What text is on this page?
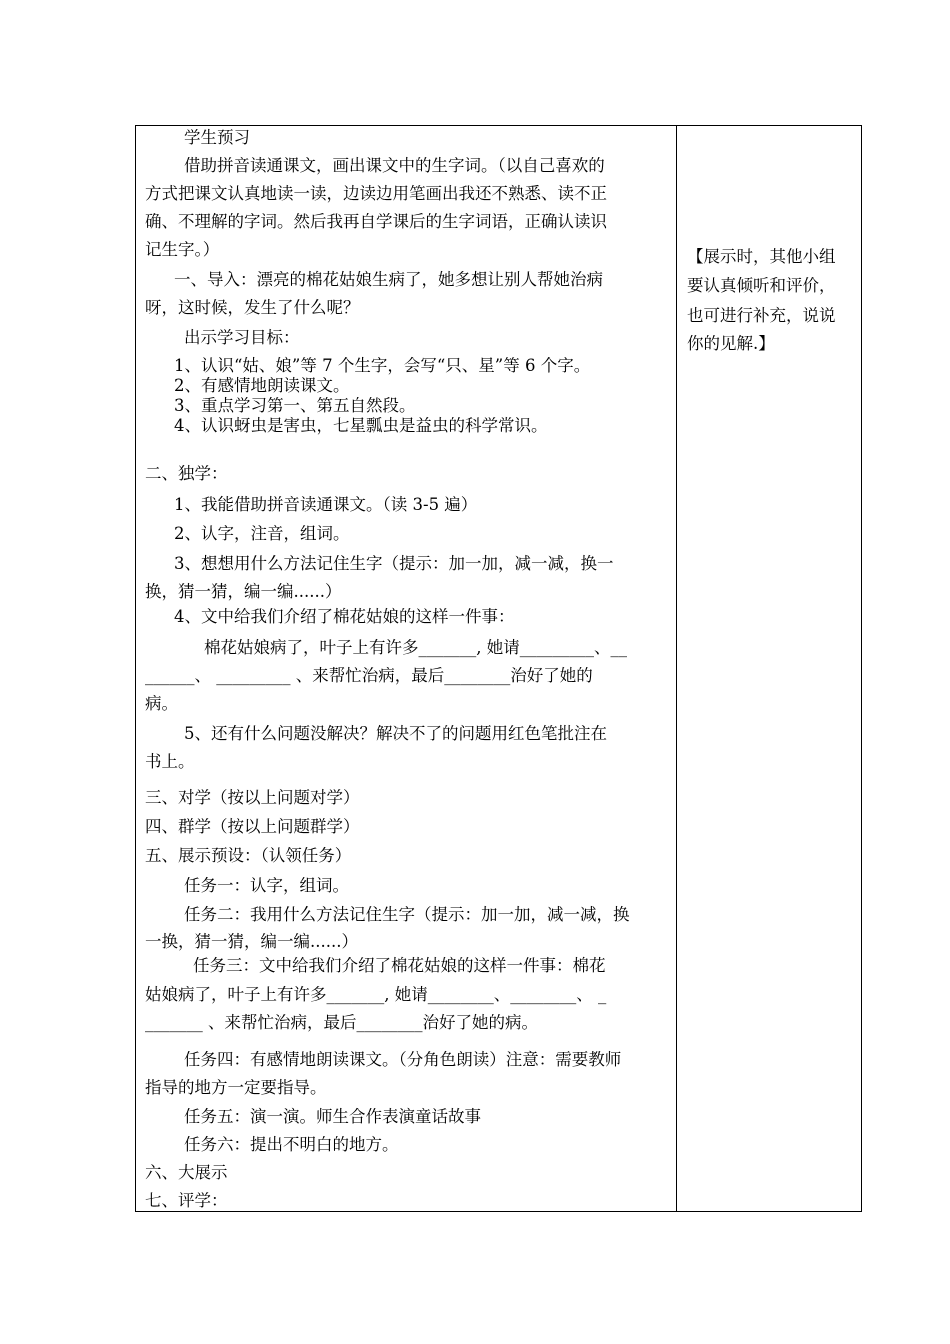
学生预习
借助拼音读通课文，画出课文中的生字词。（以自己喜欢的
方式把课文认真地读一读，边读边用笔画出我还不熟悉、读不正
确、不理解的字词。然后我再自学课后的生字词语，正确认读识
记生字。）
一、导入：漂亮的棉花姑娘生病了，她多想让别人帮她治病
呀，这时候，发生了什么呢？
出示学习目标：
1、认识“姑、娘”等 7 个生字，会写“只、星”等 6 个字。
2、有感情地朗读课文。
3、重点学习第一、第五自然段。
4、认识蚜虫是害虫，七星瓢虫是益虫的科学常识。
二、独学：
1、我能借助拼音读通课文。（读 3-5 遍）
2、认字，注音，组词。
3、想想用什么方法记住生字（提示：加一加，减一减，换一
换，猜一猜，编一编......）
4、文中给我们介绍了棉花姑娘的这样一件事：
棉花姑娘病了，叶子上有许多_______, 她请_________、__
______、 _________ 、来帮忙治病，最后________治好了她的
病。
5、还有什么问题没解决？解决不了的问题用红色笔批注在
书上。
三、对学（按以上问题对学）
四、群学（按以上问题群学）
五、展示预设：（认领任务）
任务一：认字，组词。
任务二：我用什么方法记住生字（提示：加一加，减一减，换
一换，猜一猜，编一编......）
任务三：文中给我们介绍了棉花姑娘的这样一件事：棉花
姑娘病了，叶子上有许多_______, 她请________、________、 _
_______ 、来帮忙治病，最后________治好了她的病。
任务四：有感情地朗读课文。（分角色朗读）注意：需要教师
指导的地方一定要指导。
任务五：演一演。师生合作表演童话故事
任务六：提出不明白的地方。
六、大展示
七、评学：
【展示时，其他小组
要认真倾听和评价，
也可进行补充，说说
你的见解.】
